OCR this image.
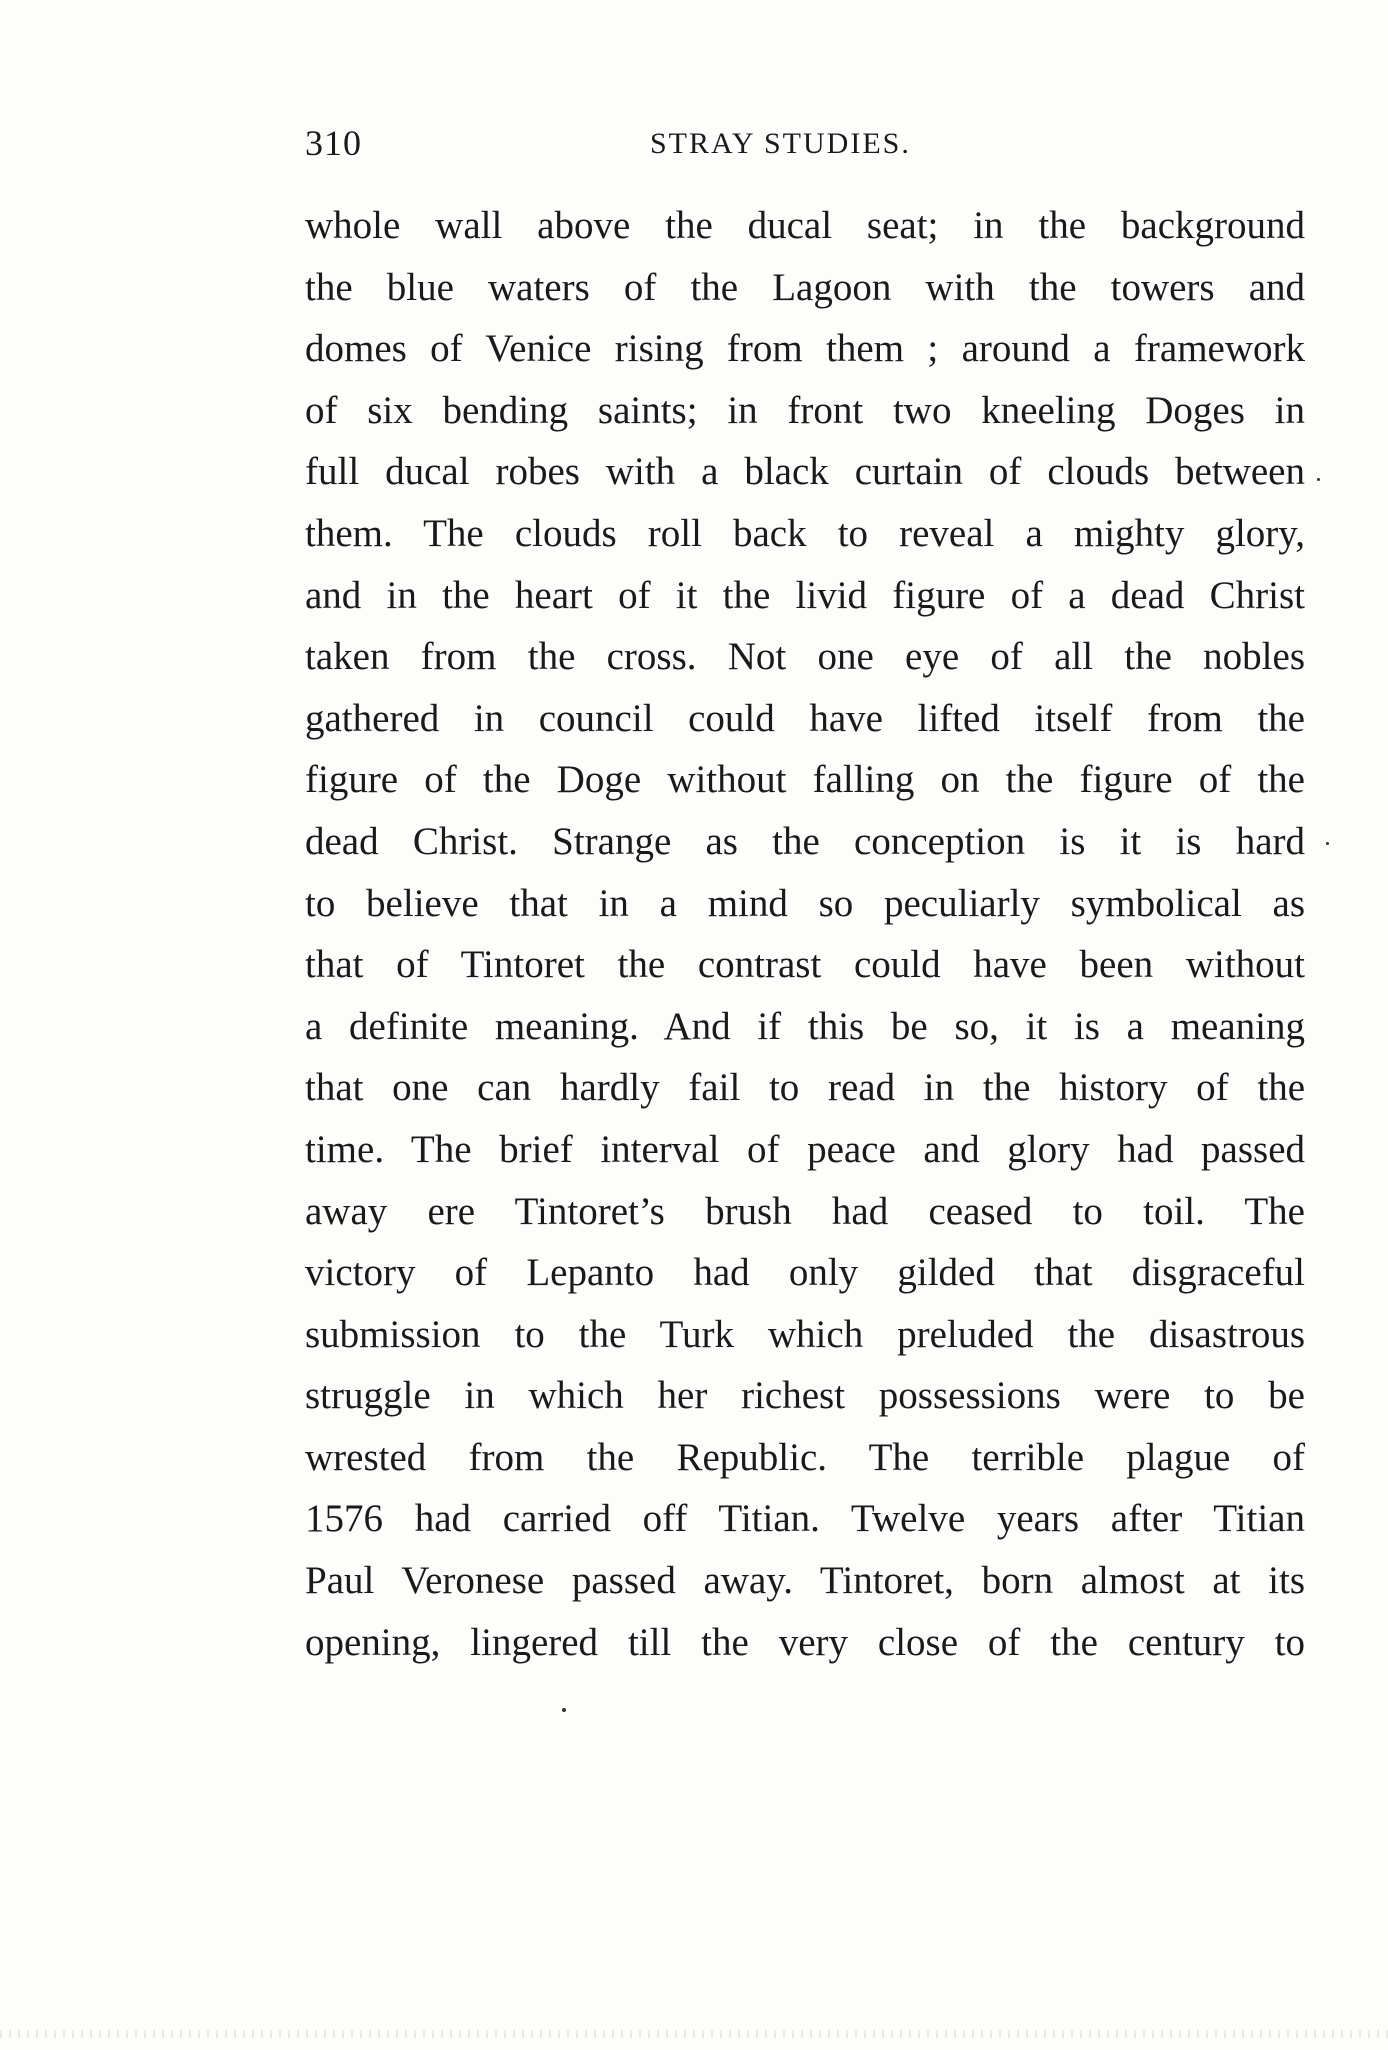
310	STRAY STUDIES.
whole wall above the ducal seat; in the background
the blue waters of the Lagoon with the towers and
domes of Venice rising from them ; around a framework
of six bending saints; in front two kneeling Doges in
full ducal robes with a black curtain of clouds between
them. The clouds roll back to reveal a mighty glory,
and in the heart of it the livid figure of a dead Christ
taken from the cross. Not one eye of all the nobles
gathered in council could have lifted itself from the
figure of the Doge without falling on the figure of the
dead Christ. Strange as the conception is it is hard
to believe that in a mind so peculiarly symbolical as
that of Tintoret the contrast could have been without
a definite meaning. And if this be so, it is a meaning
that one can hardly fail to read in the history of the
time. The brief interval of peace and glory had passed
away ere Tintoret’s brush had ceased to toil. The
victory of Lepanto had only gilded that disgraceful
submission to the Turk which preluded the disastrous
struggle in which her richest possessions were to be
wrested from the Republic. The terrible plague of
1576 had carried off Titian. Twelve years after Titian
Paul Veronese passed away. Tintoret, born almost at its
opening, lingered till the very close of the century to
